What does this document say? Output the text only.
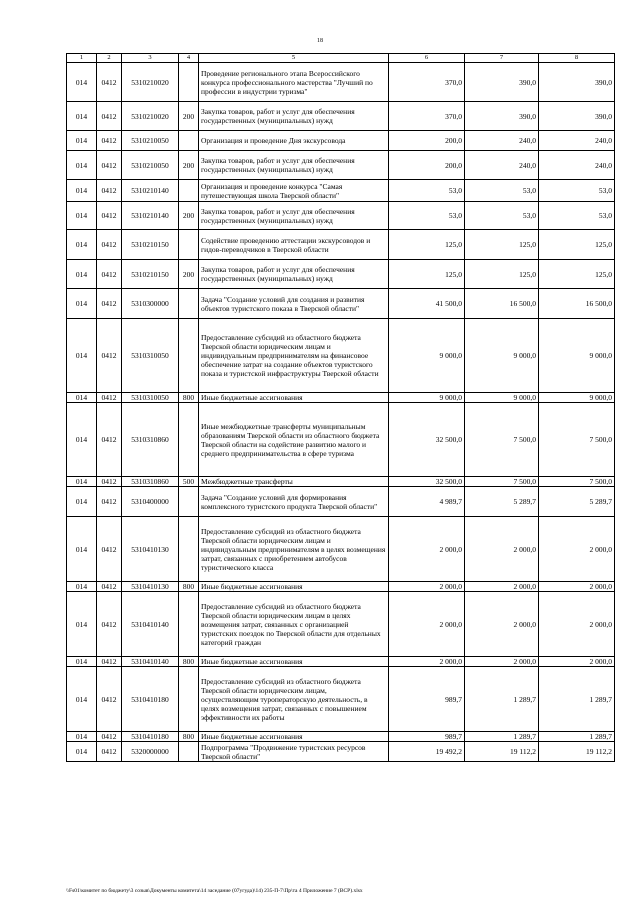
18
1	2	3	4	5	6	7	8
014	0412	5310210020		Проведение регионального этапа Всероссийского конкурса профессионального мастерства "Лучший по профессии в индустрии туризма"	370,0	390,0	390,0
014	0412	5310210020	200	Закупка товаров, работ и услуг для обеспечения государственных (муниципальных) нужд	370,0	390,0	390,0
014	0412	5310210050		Организация и проведение Дня экскурсовода	200,0	240,0	240,0
014	0412	5310210050	200	Закупка товаров, работ и услуг для обеспечения государственных (муниципальных) нужд	200,0	240,0	240,0
014	0412	5310210140		Организация и проведение конкурса "Самая путешествующая школа Тверской области"	53,0	53,0	53,0
014	0412	5310210140	200	Закупка товаров, работ и услуг для обеспечения государственных (муниципальных) нужд	53,0	53,0	53,0
014	0412	5310210150		Содействие проведению аттестации экскурсоводов и гидов-переводчиков в Тверской области	125,0	125,0	125,0
014	0412	5310210150	200	Закупка товаров, работ и услуг для обеспечения государственных (муниципальных) нужд	125,0	125,0	125,0
014	0412	5310300000		Задача "Создание условий для создания и развития объектов туристского показа в Тверской области"	41 500,0	16 500,0	16 500,0
014	0412	5310310050		Предоставление субсидий из областного бюджета Тверской области юридическим лицам и индивидуальным предпринимателям на финансовое обеспечение затрат на создание объектов туристского показа и туристской инфраструктуры Тверской области	9 000,0	9 000,0	9 000,0
014	0412	5310310050	800	Иные бюджетные ассигнования	9 000,0	9 000,0	9 000,0
014	0412	5310310860		Иные межбюджетные трансферты муниципальным образованиям Тверской области из областного бюджета Тверской области на содействие развитию малого и среднего предпринимательства в сфере туризма	32 500,0	7 500,0	7 500,0
014	0412	5310310860	500	Межбюджетные трансферты	32 500,0	7 500,0	7 500,0
014	0412	5310400000		Задача "Создание условий для формирования комплексного туристского продукта Тверской области"	4 989,7	5 289,7	5 289,7
014	0412	5310410130		Предоставление субсидий из областного бюджета Тверской области юридическим лицам и индивидуальным предпринимателям в целях возмещения затрат, связанных с приобретением автобусов туристического класса	2 000,0	2 000,0	2 000,0
014	0412	5310410130	800	Иные бюджетные ассигнования	2 000,0	2 000,0	2 000,0
014	0412	5310410140		Предоставление субсидий из областного бюджета Тверской области юридическим лицам в целях возмещения затрат, связанных с организацией туристских поездок по Тверской области для отдельных категорий граждан	2 000,0	2 000,0	2 000,0
014	0412	5310410140	800	Иные бюджетные ассигнования	2 000,0	2 000,0	2 000,0
014	0412	5310410180		Предоставление субсидий из областного бюджета Тверской области юридическим лицам, осуществляющим туроператорскую деятельность, в целях возмещения затрат, связанных с повышением эффективности их работы	989,7	1 289,7	1 289,7
014	0412	5310410180	800	Иные бюджетные ассигнования	989,7	1 289,7	1 289,7
014	0412	5320000000		Подпрограмма "Продвижение туристских ресурсов Тверской области"	19 492,2	19 112,2	19 112,2
\\Fs01\комитет по бюджету\3 созыв\Документы комитета\14 заседание (07угуда)\14) 235-П-7\Пр\та 4 Приложение 7 (ВСР).xlsx
